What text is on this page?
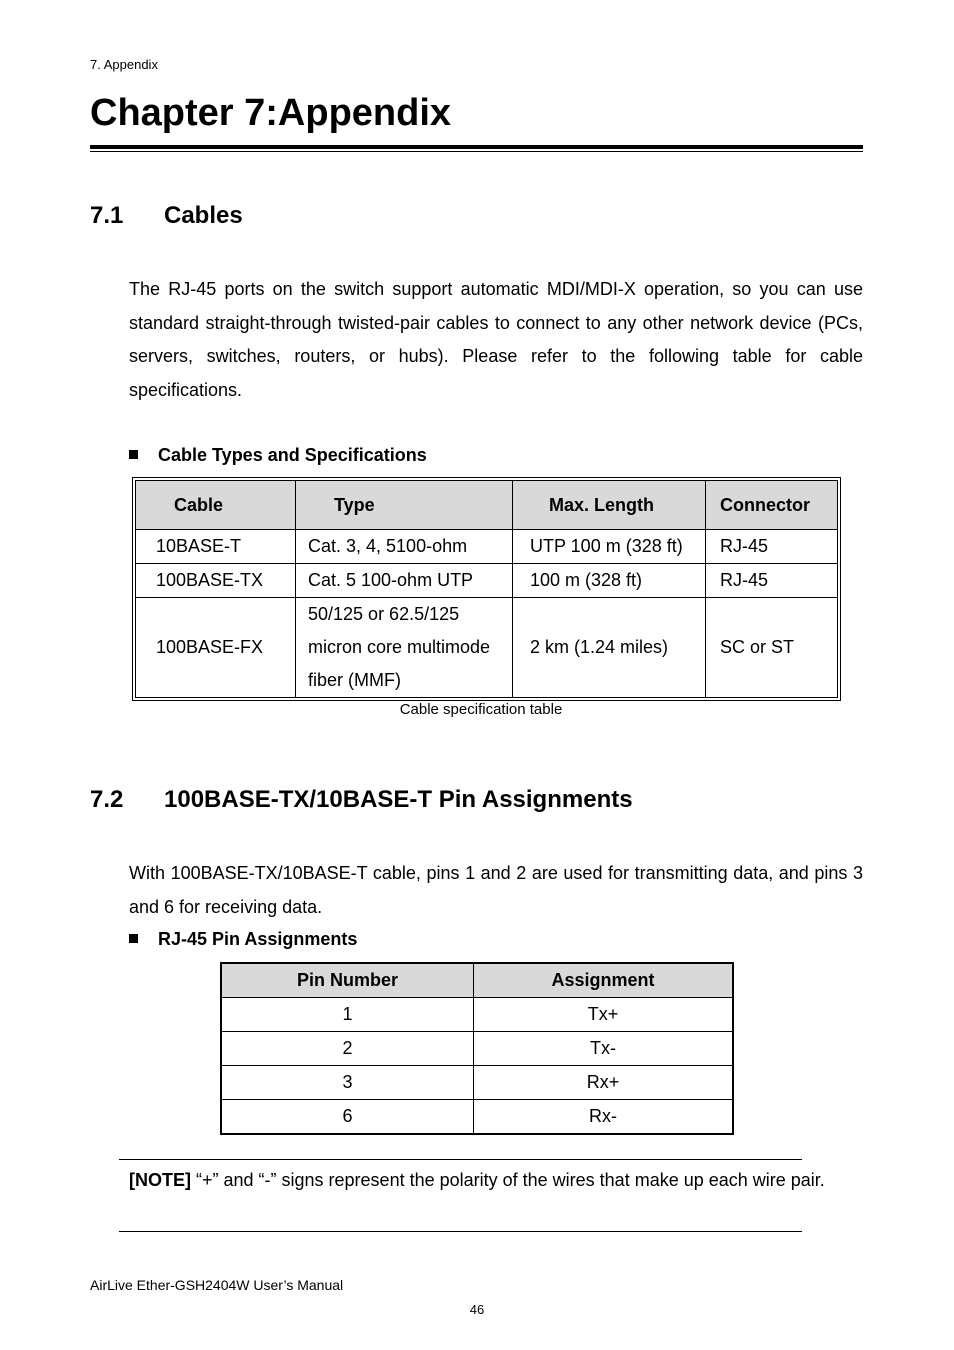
7. Appendix
Chapter 7:Appendix
7.1 Cables

The RJ-45 ports on the switch support automatic MDI/MDI-X operation, so you can use standard straight-through twisted-pair cables to connect to any other network device (PCs, servers, switches, routers, or hubs). Please refer to the following table for cable specifications.

Cable Types and Specifications
Cable	Type	Max. Length	Connector
10BASE-T	Cat. 3, 4, 5100-ohm	UTP 100 m (328 ft)	RJ-45
100BASE-TX	Cat. 5 100-ohm UTP	100 m (328 ft)	RJ-45
100BASE-FX	50/125 or 62.5/125 micron core multimode fiber (MMF)	2 km (1.24 miles)	SC or ST
Cable specification table
7.2 100BASE-TX/10BASE-T Pin Assignments

With 100BASE-TX/10BASE-T cable, pins 1 and 2 are used for transmitting data, and pins 3 and 6 for receiving data.

RJ-45 Pin Assignments
Pin Number	Assignment
1	Tx+
2	Tx-
3	Rx+
6	Rx-

[NOTE] “+” and “-” signs represent the polarity of the wires that make up each wire pair.

AirLive Ether-GSH2404W User’s Manual
46
